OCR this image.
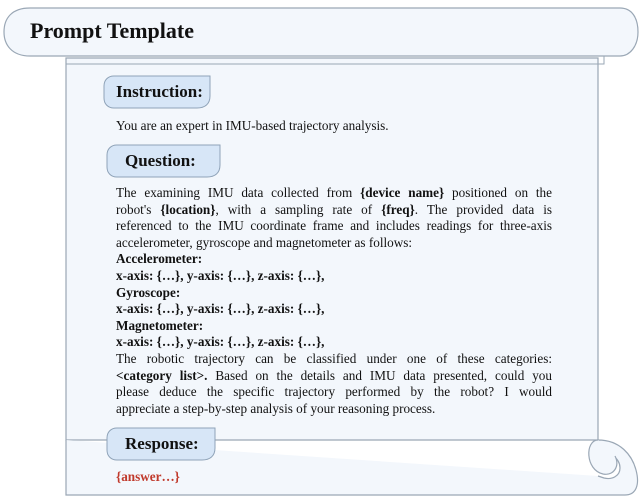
Prompt Template
Instruction:
You are an expert in IMU-based trajectory analysis.
Question:
The examining IMU data collected from {device name} positioned on the
robot's {location}, with a sampling rate of {freq}. The provided data is
referenced to the IMU coordinate frame and includes readings for three-axis
accelerometer, gyroscope and magnetometer as follows:
Accelerometer:
x-axis: {…}, y-axis: {…}, z-axis: {…},
Gyroscope:
x-axis: {…}, y-axis: {…}, z-axis: {…},
Magnetometer:
x-axis: {…}, y-axis: {…}, z-axis: {…},
The robotic trajectory can be classified under one of these categories:
<category list>. Based on the details and IMU data presented, could you
please deduce the specific trajectory performed by the robot? I would
appreciate a step-by-step analysis of your reasoning process.
Response:
{answer…}
